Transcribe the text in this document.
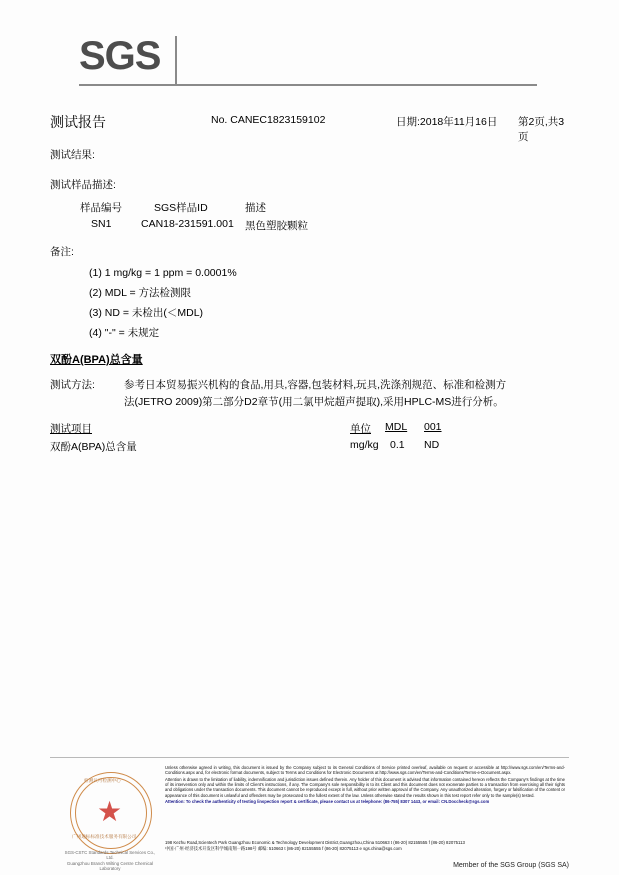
SGS
测试报告	No. CANEC1823159102	日期:2018年11月16日 第2页,共3页
测试结果:
测试样品描述:
样品编号	SGS样品ID	描述
SN1	CAN18-231591.001 黑色塑胶颗粒
备注:
(1) 1 mg/kg = 1 ppm = 0.0001%
(2) MDL = 方法检测限
(3) ND = 未检出(＜MDL)
(4) "-" = 未规定
双酚A(BPA)总含量
测试方法:	参考日本贸易振兴机构的食品,用具,容器,包装材料,玩具,洗涤剂规范、标准和检测方
法(JETRO 2009)第二部分D2章节(用二氯甲烷超声提取),采用HPLC-MS进行分析。
测试项目	单位 MDL 001
双酚A(BPA)总含量	mg/kg 0.1 ND
★
检测认可检测中心
广州通标标准技术服务有限公司
SGS-CSTC Standards Technical Services Co., Ltd.
Guangzhou Branch Wilting Centre Chemical Laboratory

Unless otherwise agreed in writing, this document is issued by the Company subject to its General Conditions of Service printed overleaf, available on request or accessible at http://www.sgs.com/en/Terms-and-Conditions.aspx and, for electronic format documents, subject to Terms and Conditions for Electronic Documents at http://www.sgs.com/en/Terms-and-Conditions/Terms-e-Document.aspx.

Attention is drawn to the limitation of liability, indemnification and jurisdiction issues defined therein. Any holder of this document is advised that information contained hereon reflects the Company's findings at the time of its intervention only and within the limits of Client's instructions, if any. The Company's sole responsibility is to its Client and this document does not exonerate parties to a transaction from exercising all their rights and obligations under the transaction documents. This document cannot be reproduced except in full, without prior written approval of the Company. Any unauthorized alteration, forgery or falsification of the content or appearance of this document is unlawful and offenders may be prosecuted to the fullest extent of the law. Unless otherwise stated the results shown in this test report refer only to the sample(s) tested.

Attention: To check the authenticity of testing /inspection report & certificate, please contact us at telephone: (86-755) 8307 1443, or email: CN.Doccheck@sgs.com

198 Kezhu Road,Scientech Park Guangzhou Economic & Technology Development District,Guangzhou,China 510663 t (86-20) 82155555 f (86-20) 82075113
中国·广州·经济技术开发区科学城南翔一路198号 邮编: 510663 t (86-20) 82155555 f (86-20) 82075113 e sgs.china@sgs.com
Member of the SGS Group (SGS SA)
